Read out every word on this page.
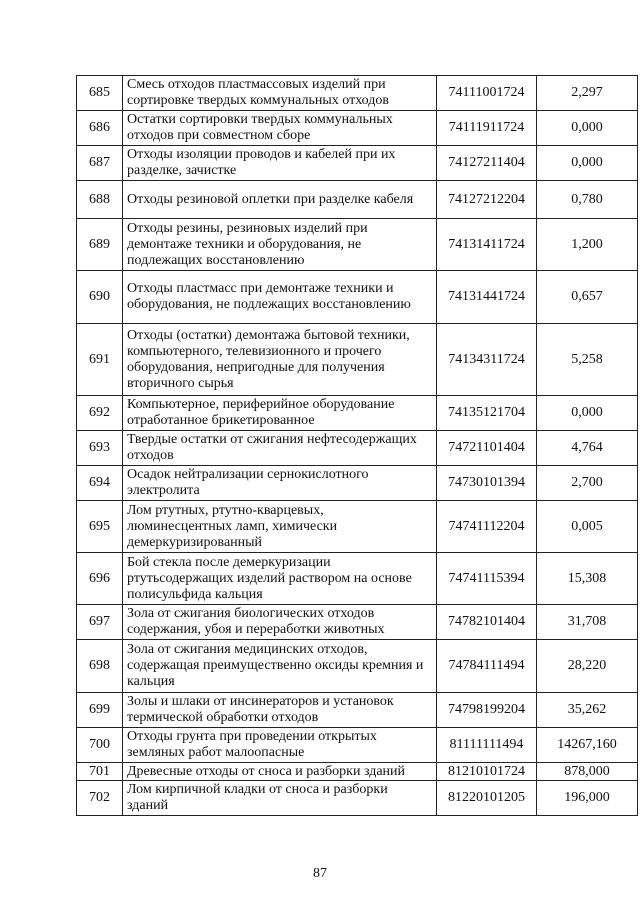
685	Смесь отходов пластмассовых изделий при сортировке твердых коммунальных отходов	74111001724	2,297
686	Остатки сортировки твердых коммунальных отходов при совместном сборе	74111911724	0,000
687	Отходы изоляции проводов и кабелей при их разделке, зачистке	74127211404	0,000
688	Отходы резиновой оплетки при разделке кабеля	74127212204	0,780
689	Отходы резины, резиновых изделий при демонтаже техники и оборудования, не подлежащих восстановлению	74131411724	1,200
690	Отходы пластмасс при демонтаже техники и оборудования, не подлежащих восстановлению	74131441724	0,657
691	Отходы (остатки) демонтажа бытовой техники, компьютерного, телевизионного и прочего оборудования, непригодные для получения вторичного сырья	74134311724	5,258
692	Компьютерное, периферийное оборудование отработанное брикетированное	74135121704	0,000
693	Твердые остатки от сжигания нефтесодержащих отходов	74721101404	4,764
694	Осадок нейтрализации сернокислотного электролита	74730101394	2,700
695	Лом ртутных, ртутно-кварцевых, люминесцентных ламп, химически демеркуризированный	74741112204	0,005
696	Бой стекла после демеркуризации ртутьсодержащих изделий раствором на основе полисульфида кальция	74741115394	15,308
697	Зола от сжигания биологических отходов содержания, убоя и переработки животных	74782101404	31,708
698	Зола от сжигания медицинских отходов, содержащая преимущественно оксиды кремния и кальция	74784111494	28,220
699	Золы и шлаки от инсинераторов и установок термической обработки отходов	74798199204	35,262
700	Отходы грунта при проведении открытых земляных работ малоопасные	81111111494	14267,160
701	Древесные отходы от сноса и разборки зданий	81210101724	878,000
702	Лом кирпичной кладки от сноса и разборки зданий	81220101205	196,000
87
